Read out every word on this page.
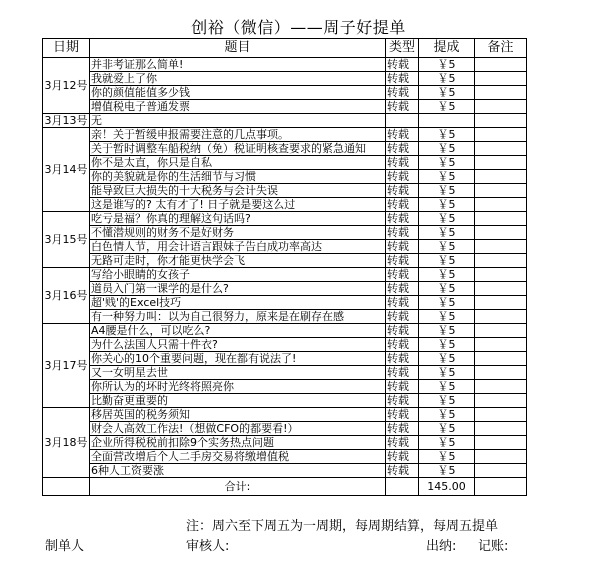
创裕（微信）——周子好提单
日期	题目	类型	提成	备注
3月12号	并非考证那么简单!	转载	￥5	
	我就爱上了你	转载	￥5	
	你的颜值能值多少钱	转载	￥5	
	增值税电子普通发票	转载	￥5	
3月13号	无			
3月14号	亲！关于暂缓申报需要注意的几点事项。	转载	￥5	
	关于暂时调整车船税纳（免）税证明核查要求的紧急通知	转载	￥5	
	你不是太直，你只是自私	转载	￥5	
	你的美貌就是你的生活细节与习惯	转载	￥5	
	能导致巨大损失的十大税务与会计失误	转载	￥5	
	这是谁写的? 太有才了! 日子就是要这么过	转载	￥5	
3月15号	吃亏是福？你真的理解这句话吗?	转载	￥5	
	不懂潜规则的财务不是好财务	转载	￥5	
	白色情人节，用会计语言跟妹子告白成功率高达	转载	￥5	
	无路可走时，你才能更快学会飞	转载	￥5	
3月16号	写给小眼睛的女孩子	转载	￥5	
	道员入门第一课学的是什么?	转载	￥5	
	超'贱'的Excel技巧	转载	￥5	
	有一种努力叫：以为自己很努力，原来是在刷存在感	转载	￥5	
3月17号	A4腰是什么，可以吃么?	转载	￥5	
	为什么法国人只需十件衣?	转载	￥5	
	你关心的10个重要问题，现在都有说法了!	转载	￥5	
	又一女明星去世	转载	￥5	
	你所认为的坏时光终将照亮你	转载	￥5	
	比勤奋更重要的	转载	￥5	
3月18号	移居英国的税务须知	转载	￥5	
	财会人高效工作法!（想做CFO的都要看!）	转载	￥5	
	企业所得税税前扣除9个实务热点问题	转载	￥5	
	全面营改增后个人二手房交易将缴增值税	转载	￥5	
	6种人工资要涨	转载	￥5	
	合计:		145.00	
注：周六至下周五为一周期，每周期结算，每周五提单
制单人	审核人:	出纳: 记账:
